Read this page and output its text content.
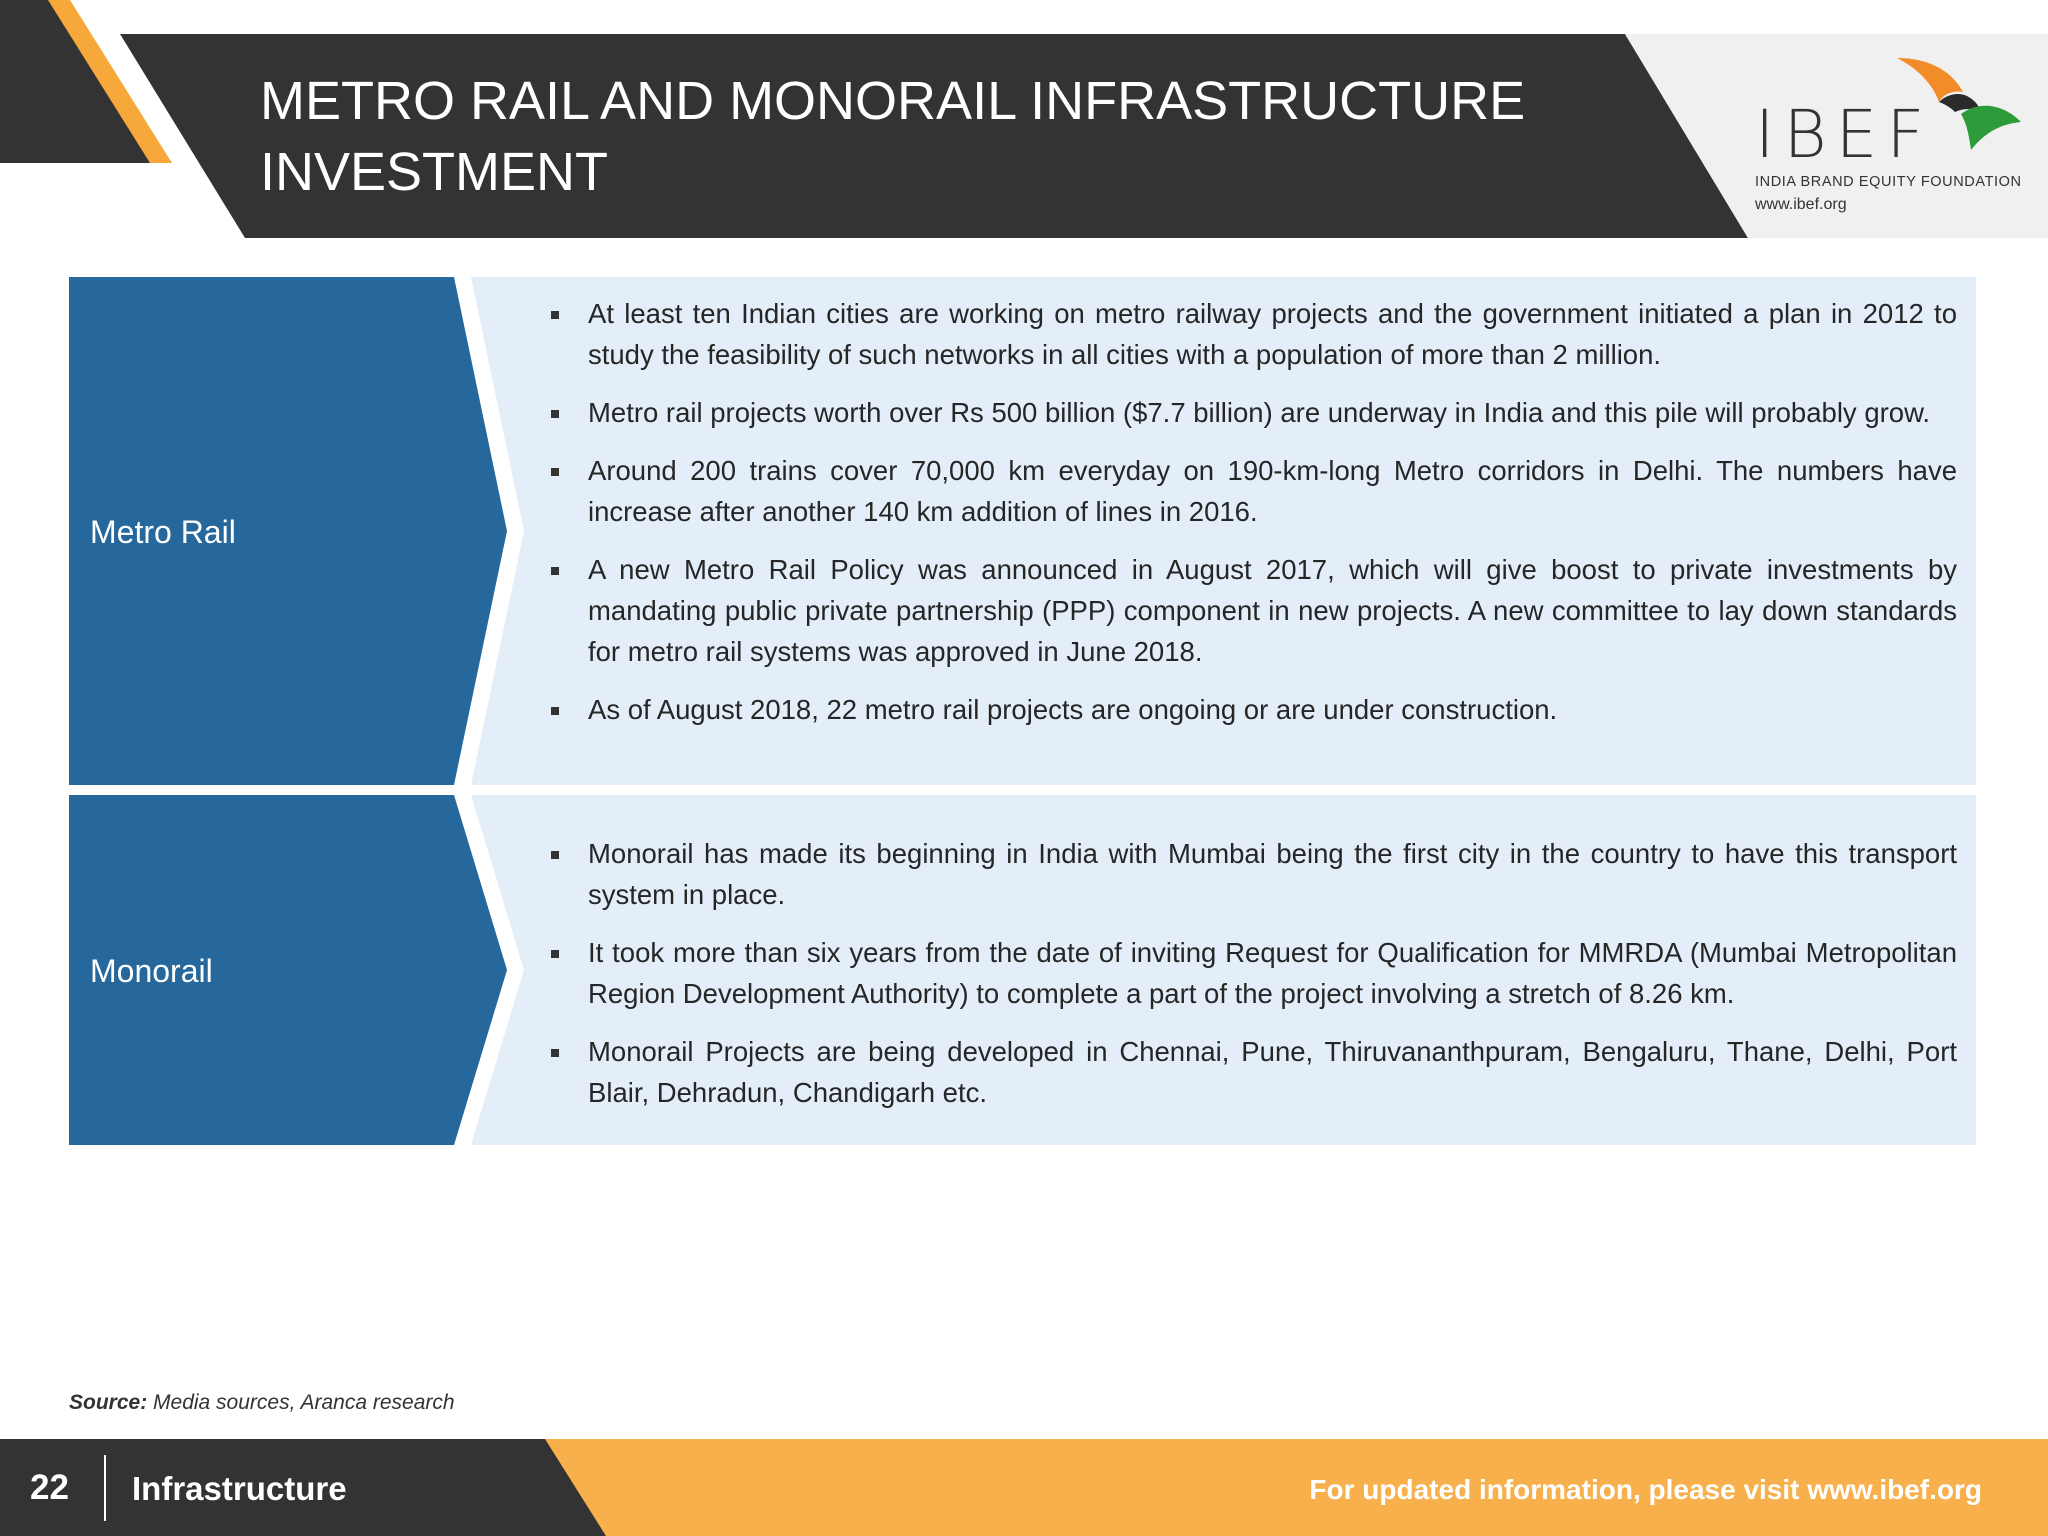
METRO RAIL AND MONORAIL INFRASTRUCTURE
INVESTMENT	IBEF
INDIA BRAND EQUITY FOUNDATION
www.ibef.org
Metro Rail
At least ten Indian cities are working on metro railway projects and the government initiated a plan in 2012 to study the feasibility of such networks in all cities with a population of more than 2 million.
Metro rail projects worth over Rs 500 billion ($7.7 billion) are underway in India and this pile will probably grow.
Around 200 trains cover 70,000 km everyday on 190-km-long Metro corridors in Delhi. The numbers have increase after another 140 km addition of lines in 2016.
A new Metro Rail Policy was announced in August 2017, which will give boost to private investments by mandating public private partnership (PPP) component in new projects. A new committee to lay down standards for metro rail systems was approved in June 2018.
As of August 2018, 22 metro rail projects are ongoing or are under construction.
Monorail
Monorail has made its beginning in India with Mumbai being the first city in the country to have this transport system in place.
It took more than six years from the date of inviting Request for Qualification for MMRDA (Mumbai Metropolitan Region Development Authority) to complete a part of the project involving a stretch of 8.26 km.
Monorail Projects are being developed in Chennai, Pune, Thiruvananthpuram, Bengaluru, Thane, Delhi, Port Blair, Dehradun, Chandigarh etc.
Source: Media sources, Aranca research
22 Infrastructure	For updated information, please visit www.ibef.org
